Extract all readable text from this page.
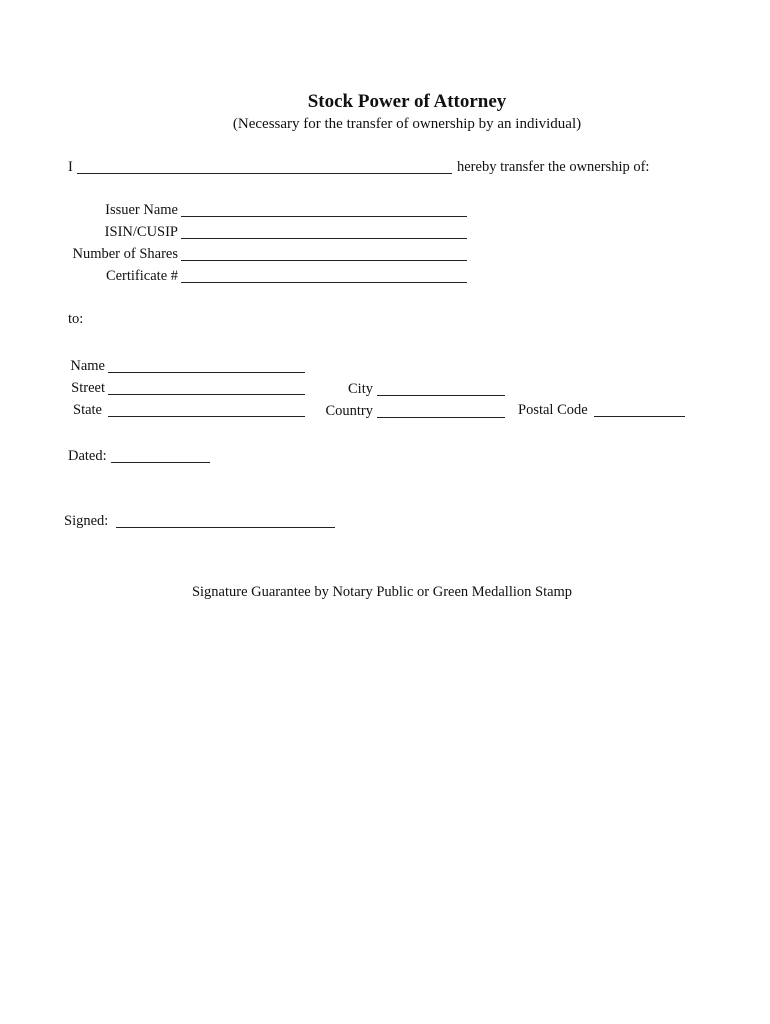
Stock Power of Attorney
(Necessary for the transfer of ownership by an individual)
I	hereby transfer the ownership of:
Issuer Name
ISIN/CUSIP
Number of Shares
Certificate #
to:
Name
Street
State
City
Country	Postal Code
Dated:
Signed:
Signature Guarantee by Notary Public or Green Medallion Stamp
